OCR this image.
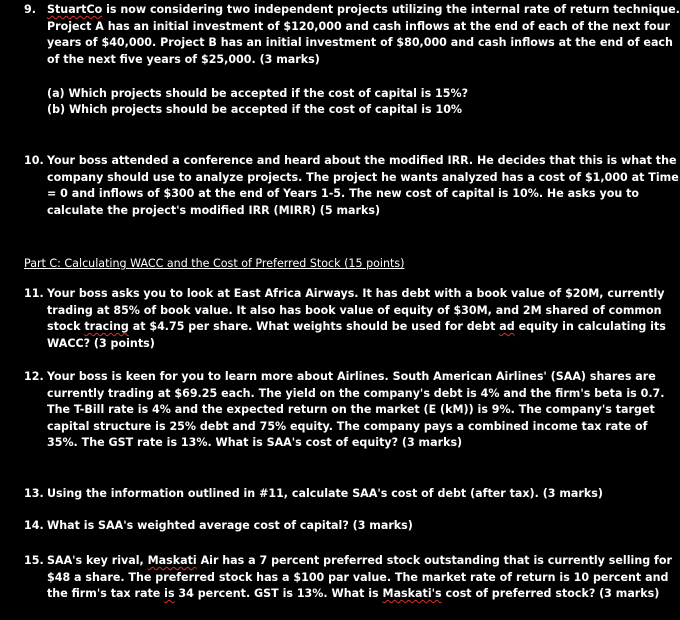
9. StuartCo is now considering two independent projects utilizing the internal rate of return technique.
Project A has an initial investment of $120,000 and cash inflows at the end of each of the next four
years of $40,000. Project B has an initial investment of $80,000 and cash inflows at the end of each
of the next five years of $25,000. (3 marks)
(a) Which projects should be accepted if the cost of capital is 15%?
(b) Which projects should be accepted if the cost of capital is 10%
10. Your boss attended a conference and heard about the modified IRR. He decides that this is what the
company should use to analyze projects. The project he wants analyzed has a cost of $1,000 at Time
= 0 and inflows of $300 at the end of Years 1-5. The new cost of capital is 10%. He asks you to
calculate the project's modified IRR (MIRR) (5 marks)
Part C: Calculating WACC and the Cost of Preferred Stock (15 points)
11. Your boss asks you to look at East Africa Airways. It has debt with a book value of $20M, currently
trading at 85% of book value. It also has book value of equity of $30M, and 2M shared of common
stock tracing at $4.75 per share. What weights should be used for debt ad equity in calculating its
WACC? (3 points)
12. Your boss is keen for you to learn more about Airlines. South American Airlines' (SAA) shares are
currently trading at $69.25 each. The yield on the company's debt is 4% and the firm's beta is 0.7.
The T-Bill rate is 4% and the expected return on the market (E (kM)) is 9%. The company's target
capital structure is 25% debt and 75% equity. The company pays a combined income tax rate of
35%. The GST rate is 13%. What is SAA's cost of equity? (3 marks)
13. Using the information outlined in #11, calculate SAA's cost of debt (after tax). (3 marks)
14. What is SAA's weighted average cost of capital? (3 marks)
15. SAA's key rival, Maskati Air has a 7 percent preferred stock outstanding that is currently selling for
$48 a share. The preferred stock has a $100 par value. The market rate of return is 10 percent and
the firm's tax rate is 34 percent. GST is 13%. What is Maskati's cost of preferred stock? (3 marks)
